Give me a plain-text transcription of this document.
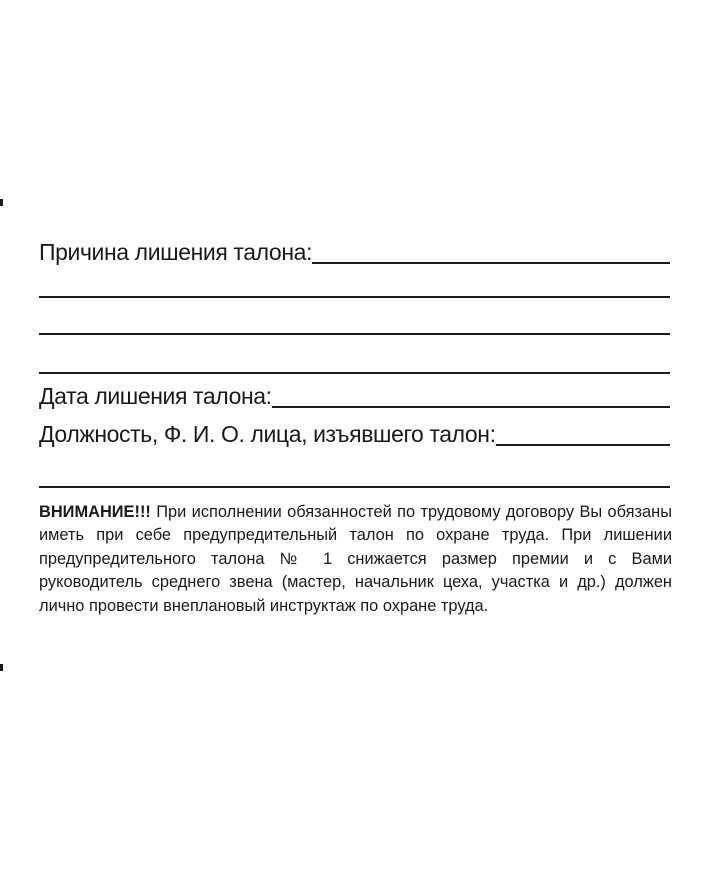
Причина лишения талона:
Дата лишения талона:
Должность, Ф. И. О. лица, изъявшего талон:
ВНИМАНИЕ!!! При исполнении обязанностей по трудовому договору Вы обязаны иметь при себе предупредительный талон по охране труда. При лишении предупредительного талона № 1 снижается размер премии и с Вами руководитель среднего звена (мастер, начальник цеха, участка и др.) должен лично провести внеплановый инструктаж по охране труда.
